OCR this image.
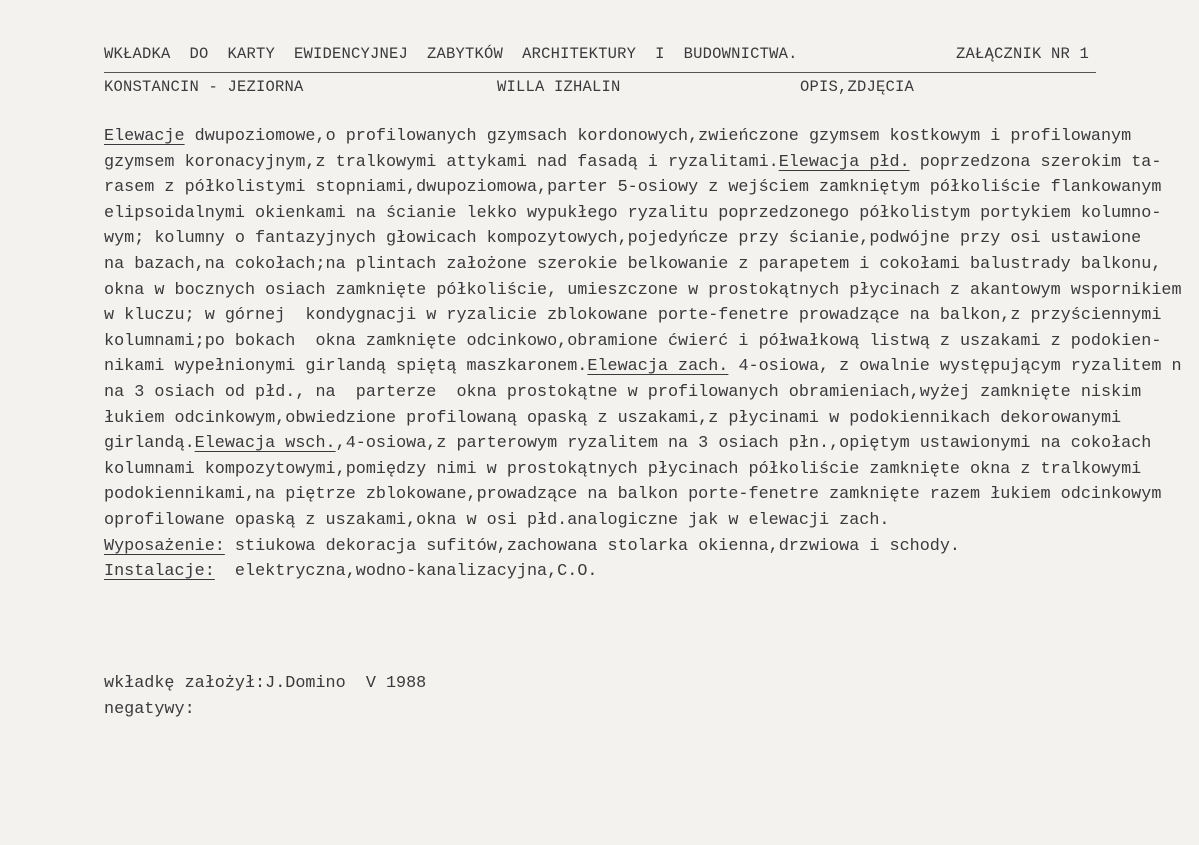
WKŁADKA  DO  KARTY  EWIDENCYJNEJ  ZABYTKÓW  ARCHITEKTURY  I  BUDOWNICTWA.	ZAŁĄCZNIK NR 1
KONSTANCIN - JEZIORNA	WILLA IZHALIN	OPIS,ZDJĘCIA
Elewacje dwupoziomowe,o profilowanych gzymsach kordonowych,zwieńczone gzymsem kostkowym i profilowanym
gzymsem koronacyjnym,z tralkowymi attykami nad fasadą i ryzalitami.Elewacja płd. poprzedzona szerokim ta-
rasem z półkolistymi stopniami,dwupoziomowa,parter 5-osiowy z wejściem zamkniętym półkoliście flankowanym
elipsoidalnymi okienkami na ścianie lekko wypukłego ryzalitu poprzedzonego półkolistym portykiem kolumno-
wym; kolumny o fantazyjnych głowicach kompozytowych,pojedyńcze przy ścianie,podwójne przy osi ustawione
na bazach,na cokołach;na plintach założone szerokie belkowanie z parapetem i cokołami balustrady balkonu,
okna w bocznych osiach zamknięte półkoliście, umieszczone w prostokątnych płycinach z akantowym wspornikiem
w kluczu; w górnej  kondygnacji w ryzalicie zblokowane porte-fenetre prowadzące na balkon,z przyściennymi
kolumnami;po bokach  okna zamknięte odcinkowo,obramione ćwierć i półwałkową listwą z uszakami z podokien-
nikami wypełnionymi girlandą spiętą maszkaronem.Elewacja zach. 4-osiowa, z owalnie występującym ryzalitem n
na 3 osiach od płd., na  parterze  okna prostokątne w profilowanych obramieniach,wyżej zamknięte niskim
łukiem odcinkowym,obwiedzione profilowaną opaską z uszakami,z płycinami w podokiennikach dekorowanymi
girlandą.Elewacja wsch.,4-osiowa,z parterowym ryzalitem na 3 osiach płn.,opiętym ustawionymi na cokołach
kolumnami kompozytowymi,pomiędzy nimi w prostokątnych płycinach półkoliście zamknięte okna z tralkowymi
podokiennikami,na piętrze zblokowane,prowadzące na balkon porte-fenetre zamknięte razem łukiem odcinkowym
oprofilowane opaską z uszakami,okna w osi płd.analogiczne jak w elewacji zach.
Wyposażenie: stiukowa dekoracja sufitów,zachowana stolarka okienna,drzwiowa i schody.
Instalacje:  elektryczna,wodno-kanalizacyjna,C.O.
wkładkę założył:J.Domino  V 1988
negatywy:
